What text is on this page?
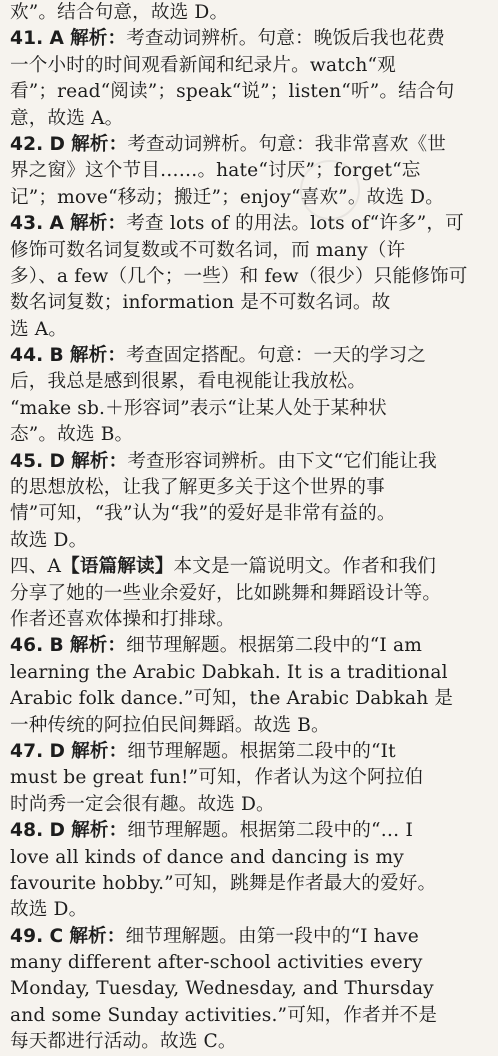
欢”。结合句意，故选 D。
41. A 解析：考查动词辨析。句意：晚饭后我也花费
一个小时的时间观看新闻和纪录片。watch“观
看”；read“阅读”；speak“说”；listen“听”。结合句
意，故选 A。
42. D 解析：考查动词辨析。句意：我非常喜欢《世
界之窗》这个节目……。hate“讨厌”；forget“忘
记”；move“移动；搬迁”；enjoy“喜欢”。故选 D。
43. A 解析：考查 lots of 的用法。lots of“许多”，可
修饰可数名词复数或不可数名词，而 many（许
多）、a few（几个；一些）和 few（很少）只能修饰可
数名词复数；information 是不可数名词。故
选 A。
44. B 解析：考查固定搭配。句意：一天的学习之
后，我总是感到很累，看电视能让我放松。
“make sb.＋形容词”表示“让某人处于某种状
态”。故选 B。
45. D 解析：考查形容词辨析。由下文“它们能让我
的思想放松，让我了解更多关于这个世界的事
情”可知，“我”认为“我”的爱好是非常有益的。
故选 D。
四、A【语篇解读】本文是一篇说明文。作者和我们
分享了她的一些业余爱好，比如跳舞和舞蹈设计等。
作者还喜欢体操和打排球。
46. B 解析：细节理解题。根据第二段中的“I am
learning the Arabic Dabkah. It is a traditional
Arabic folk dance.”可知，the Arabic Dabkah 是
一种传统的阿拉伯民间舞蹈。故选 B。
47. D 解析：细节理解题。根据第二段中的“It
must be great fun!”可知，作者认为这个阿拉伯
时尚秀一定会很有趣。故选 D。
48. D 解析：细节理解题。根据第二段中的“… I
love all kinds of dance and dancing is my
favourite hobby.”可知，跳舞是作者最大的爱好。
故选 D。
49. C 解析：细节理解题。由第一段中的“I have
many different after-school activities every
Monday, Tuesday, Wednesday, and Thursday
and some Sunday activities.”可知，作者并不是
每天都进行活动。故选 C。
